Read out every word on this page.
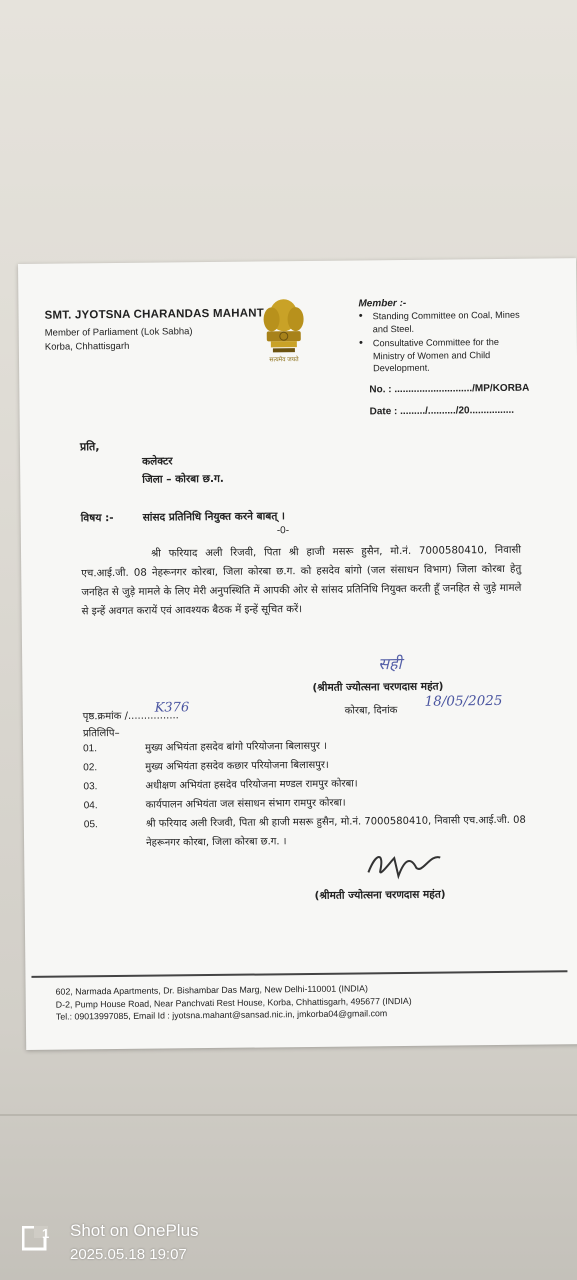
SMT. JYOTSNA CHARANDAS MAHANT
Member of Parliament (Lok Sabha)
Korba, Chhattisgarh
सत्यमेव जयते
Member :-
● Standing Committee on Coal, Mines and Steel.
● Consultative Committee for the Ministry of Women and Child Development.
No. : ............................/MP/KORBA
Date : ........./........../20................
प्रति,
कलेक्टर
जिला – कोरबा छ.ग.
विषय :-	सांसद प्रतिनिधि नियुक्त करने बाबत् ।
-0-
श्री फरियाद अली रिजवी, पिता श्री हाजी मसरू हुसैन, मो.नं. 7000580410, निवासी एच.आई.जी. 08 नेहरूनगर कोरबा, जिला कोरबा छ.ग. को हसदेव बांगो (जल संसाधन विभाग) जिला कोरबा हेतु जनहित से जुड़े मामले के लिए मेरी अनुपस्थिति में आपकी ओर से सांसद प्रतिनिधि नियुक्त करती हूँ जनहित से जुड़े मामले से इन्हें अवगत करायें एवं आवश्यक बैठक में इन्हें सूचित करें।
सही
(श्रीमती ज्योत्सना चरणदास महंत)
पृष्ठ.क्रमांक /................
K376	कोरबा, दिनांक
18/05/2025
प्रतिलिपि–
01.	मुख्य अभियंता हसदेव बांगो परियोजना बिलासपुर ।
02.	मुख्य अभियंता हसदेव कछार परियोजना बिलासपुर।
03.	अधीक्षण अभियंता हसदेव परियोजना मण्डल रामपुर कोरबा।
04.	कार्यपालन अभियंता जल संसाधन संभाग रामपुर कोरबा।
05.	श्री फरियाद अली रिजवी, पिता श्री हाजी मसरू हुसैन, मो.नं. 7000580410, निवासी एच.आई.जी. 08 नेहरूनगर कोरबा, जिला कोरबा छ.ग. ।
(श्रीमती ज्योत्सना चरणदास महंत)
602, Narmada Apartments, Dr. Bishambar Das Marg, New Delhi-110001 (INDIA)
D-2, Pump House Road, Near Panchvati Rest House, Korba, Chhattisgarh, 495677 (INDIA)
Tel.: 09013997085, Email Id : jyotsna.mahant@sansad.nic.in, jmkorba04@gmail.com
1 Shot on OnePlus
2025.05.18 19:07
